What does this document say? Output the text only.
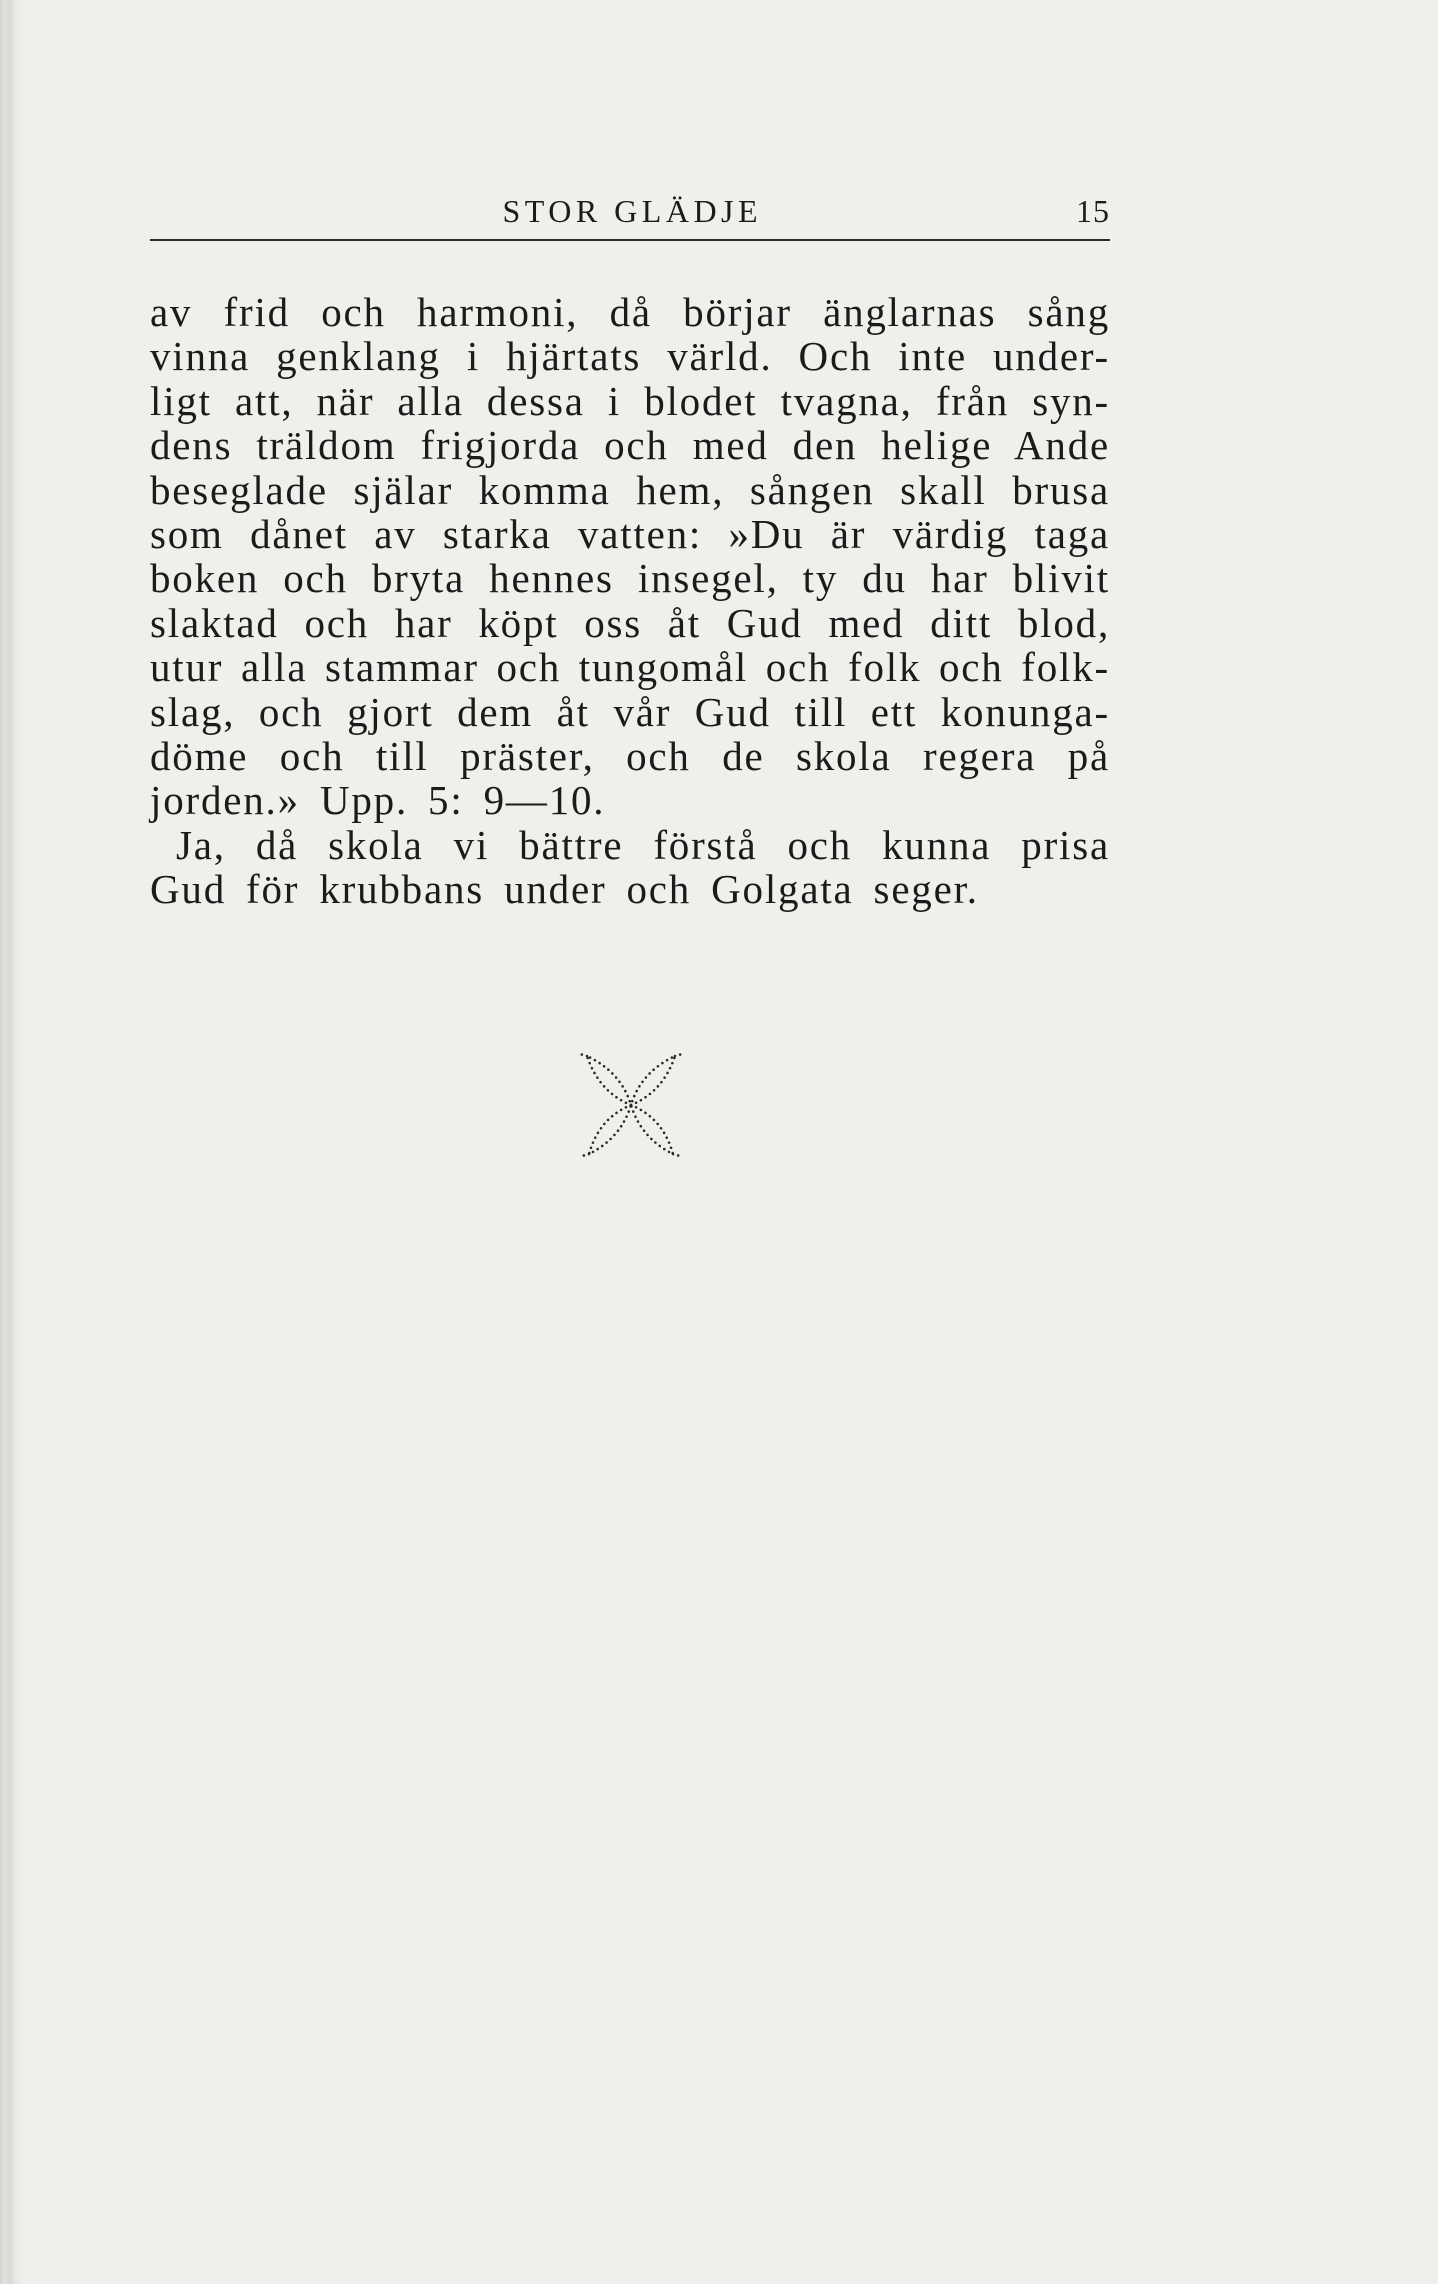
STOR GLÄDJE	15
av frid och harmoni, då börjar änglarnas sång
vinna genklang i hjärtats värld. Och inte under-
ligt att, när alla dessa i blodet tvagna, från syn-
dens träldom frigjorda och med den helige Ande
beseglade själar komma hem, sången skall brusa
som dånet av starka vatten: »Du är värdig taga
boken och bryta hennes insegel, ty du har blivit
slaktad och har köpt oss åt Gud med ditt blod,
utur alla stammar och tungomål och folk och folk-
slag, och gjort dem åt vår Gud till ett konunga-
döme och till präster, och de skola regera på
jorden.» Upp. 5: 9—10.
Ja, då skola vi bättre förstå och kunna prisa
Gud för krubbans under och Golgata seger.
